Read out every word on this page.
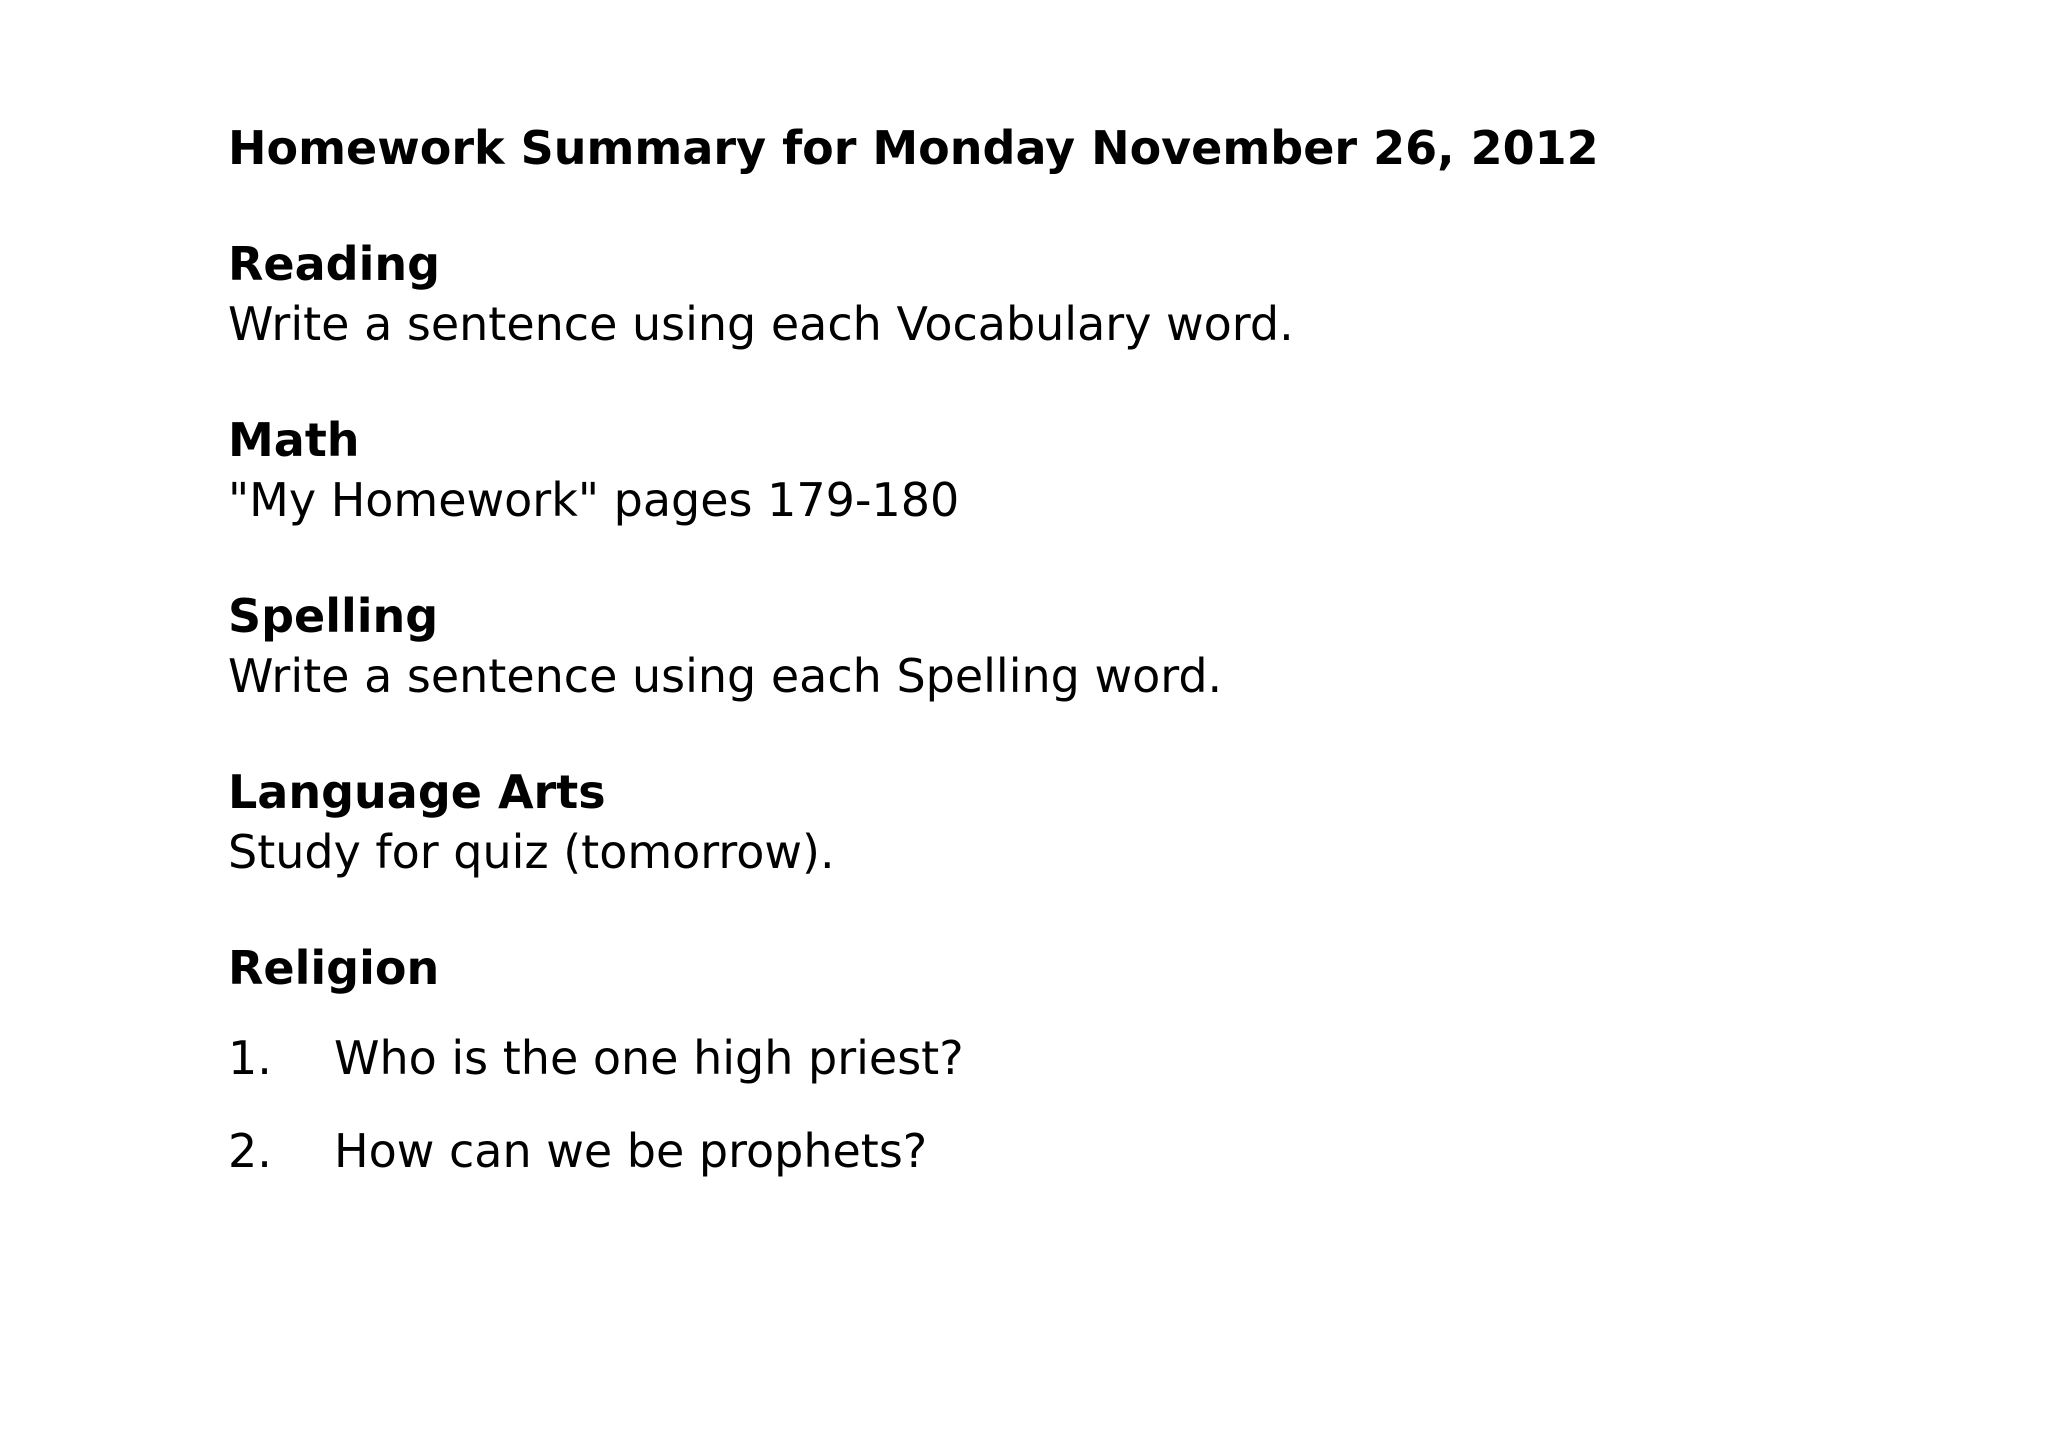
Homework Summary for Monday November 26, 2012
Reading

Write a sentence using each Vocabulary word.

Math

"My Homework" pages 179-180

Spelling

Write a sentence using each Spelling word.

Language Arts

Study for quiz (tomorrow).

Religion
1. Who is the one high priest?
2. How can we be prophets?
